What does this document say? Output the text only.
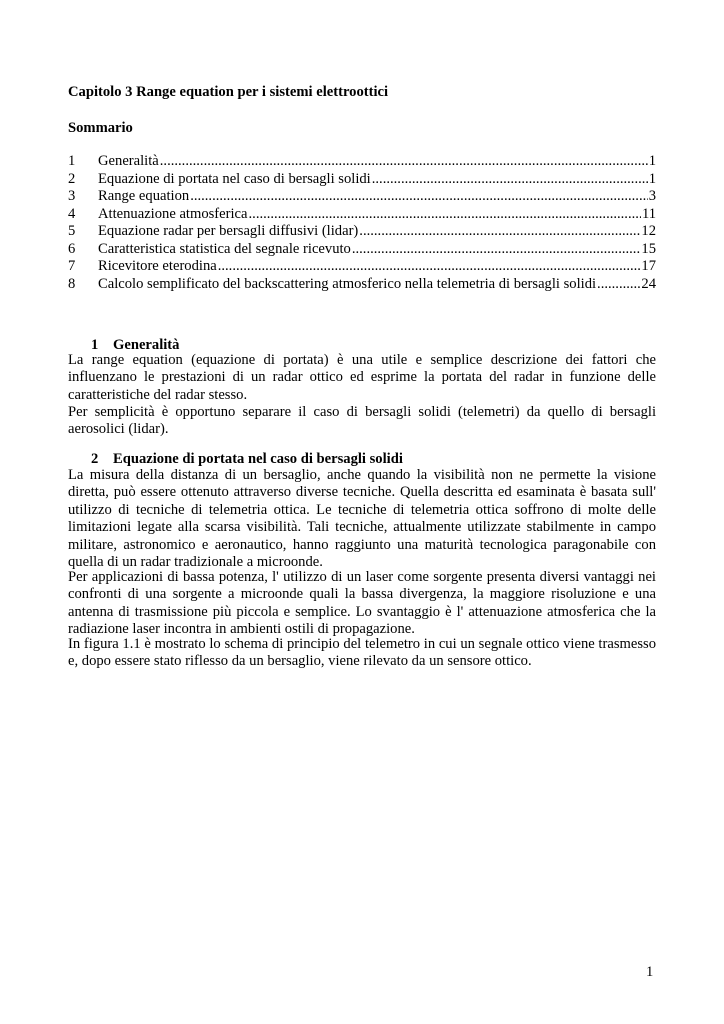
Capitolo 3 Range equation per i sistemi elettroottici
Sommario
1	Generalità .....	1
2	Equazione di portata nel caso di bersagli solidi .....	1
3	Range equation .....	3
4	Attenuazione atmosferica .....	11
5	Equazione radar per bersagli diffusivi (lidar) .....	12
6	Caratteristica statistica del segnale ricevuto .....	15
7	Ricevitore eterodina .....	17
8	Calcolo semplificato del backscattering atmosferico nella telemetria di bersagli solidi .....	24
1 Generalità

La range equation (equazione di portata) è una utile e semplice descrizione dei fattori che influenzano le prestazioni di un radar ottico ed esprime la portata del radar in funzione delle caratteristiche del radar stesso.

Per semplicità è opportuno separare il caso di bersagli solidi (telemetri) da quello di bersagli aerosolici (lidar).

2 Equazione di portata nel caso di bersagli solidi

La misura della distanza di un bersaglio, anche quando la visibilità non ne permette la visione diretta, può essere ottenuto attraverso diverse tecniche. Quella descritta ed esaminata è basata sull' utilizzo di tecniche di telemetria ottica. Le tecniche di telemetria ottica soffrono di molte delle limitazioni legate alla scarsa visibilità. Tali tecniche, attualmente utilizzate stabilmente in campo militare, astronomico e aeronautico, hanno raggiunto una maturità tecnologica paragonabile con quella di un radar tradizionale a microonde.

Per applicazioni di bassa potenza, l' utilizzo di un laser come sorgente presenta diversi vantaggi nei confronti di una sorgente a microonde quali la bassa divergenza, la maggiore risoluzione e una antenna di trasmissione più piccola e semplice. Lo svantaggio è l' attenuazione atmosferica che la radiazione laser incontra in ambienti ostili di propagazione.

In figura 1.1 è mostrato lo schema di principio del telemetro in cui un segnale ottico viene trasmesso e, dopo essere stato riflesso da un bersaglio, viene rilevato da un sensore ottico.

1
